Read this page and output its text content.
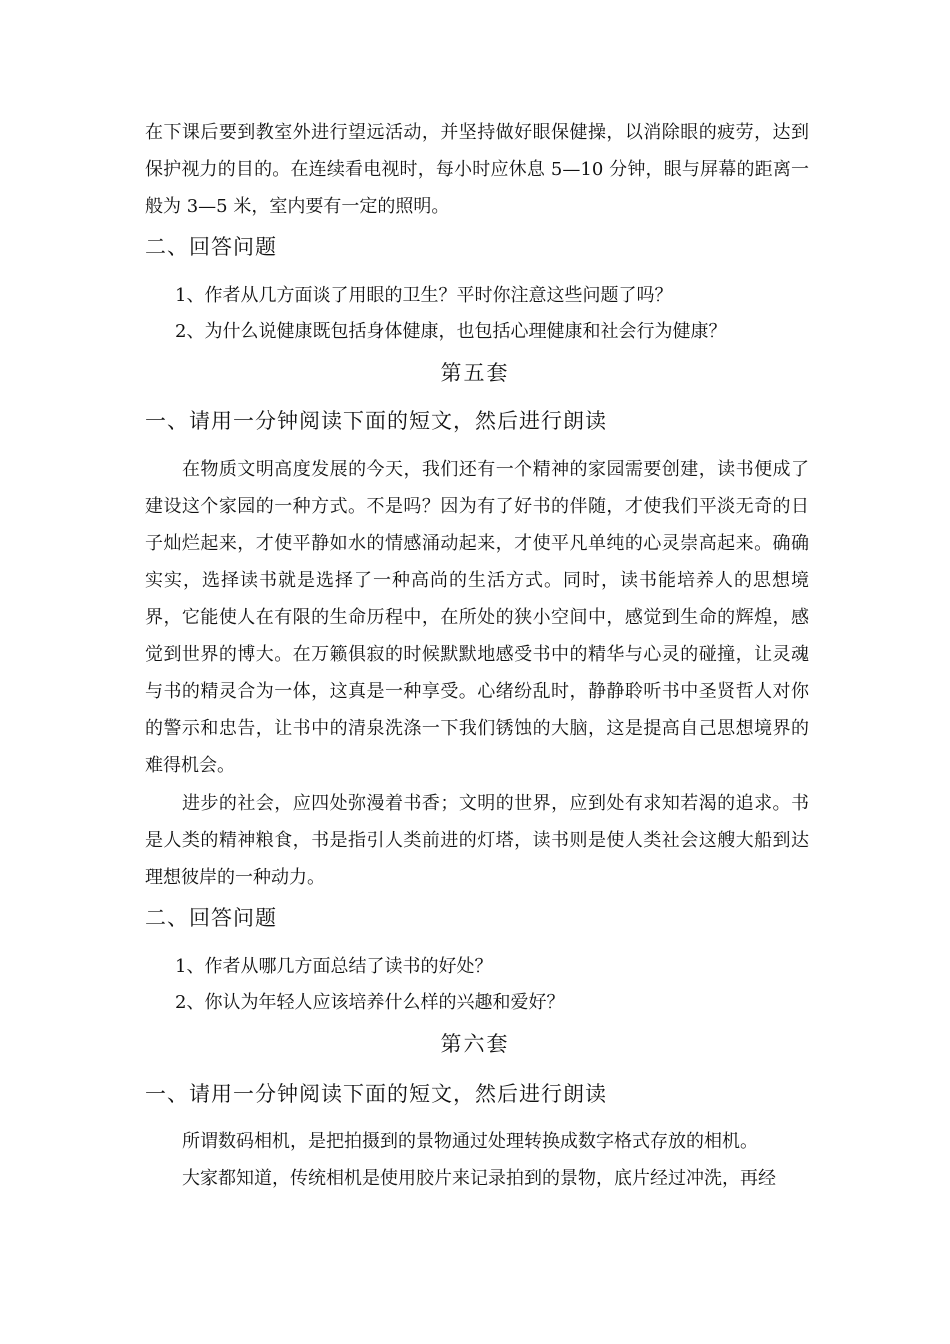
在下课后要到教室外进行望远活动，并坚持做好眼保健操，以消除眼的疲劳，达到保护视力的目的。在连续看电视时，每小时应休息 5—10 分钟，眼与屏幕的距离一般为 3—5 米，室内要有一定的照明。

二、回答问题

1、作者从几方面谈了用眼的卫生？平时你注意这些问题了吗？

2、为什么说健康既包括身体健康，也包括心理健康和社会行为健康？

第五套

一、请用一分钟阅读下面的短文，然后进行朗读

在物质文明高度发展的今天，我们还有一个精神的家园需要创建，读书便成了建设这个家园的一种方式。不是吗？因为有了好书的伴随，才使我们平淡无奇的日子灿烂起来，才使平静如水的情感涌动起来，才使平凡单纯的心灵崇高起来。确确实实，选择读书就是选择了一种高尚的生活方式。同时，读书能培养人的思想境界，它能使人在有限的生命历程中，在所处的狭小空间中，感觉到生命的辉煌，感觉到世界的博大。在万籁俱寂的时候默默地感受书中的精华与心灵的碰撞，让灵魂与书的精灵合为一体，这真是一种享受。心绪纷乱时，静静聆听书中圣贤哲人对你的警示和忠告，让书中的清泉洗涤一下我们锈蚀的大脑，这是提高自己思想境界的难得机会。

进步的社会，应四处弥漫着书香；文明的世界，应到处有求知若渴的追求。书是人类的精神粮食，书是指引人类前进的灯塔，读书则是使人类社会这艘大船到达理想彼岸的一种动力。

二、回答问题

1、作者从哪几方面总结了读书的好处？

2、你认为年轻人应该培养什么样的兴趣和爱好？

第六套

一、请用一分钟阅读下面的短文，然后进行朗读

所谓数码相机，是把拍摄到的景物通过处理转换成数字格式存放的相机。

大家都知道，传统相机是使用胶片来记录拍到的景物，底片经过冲洗，再经
